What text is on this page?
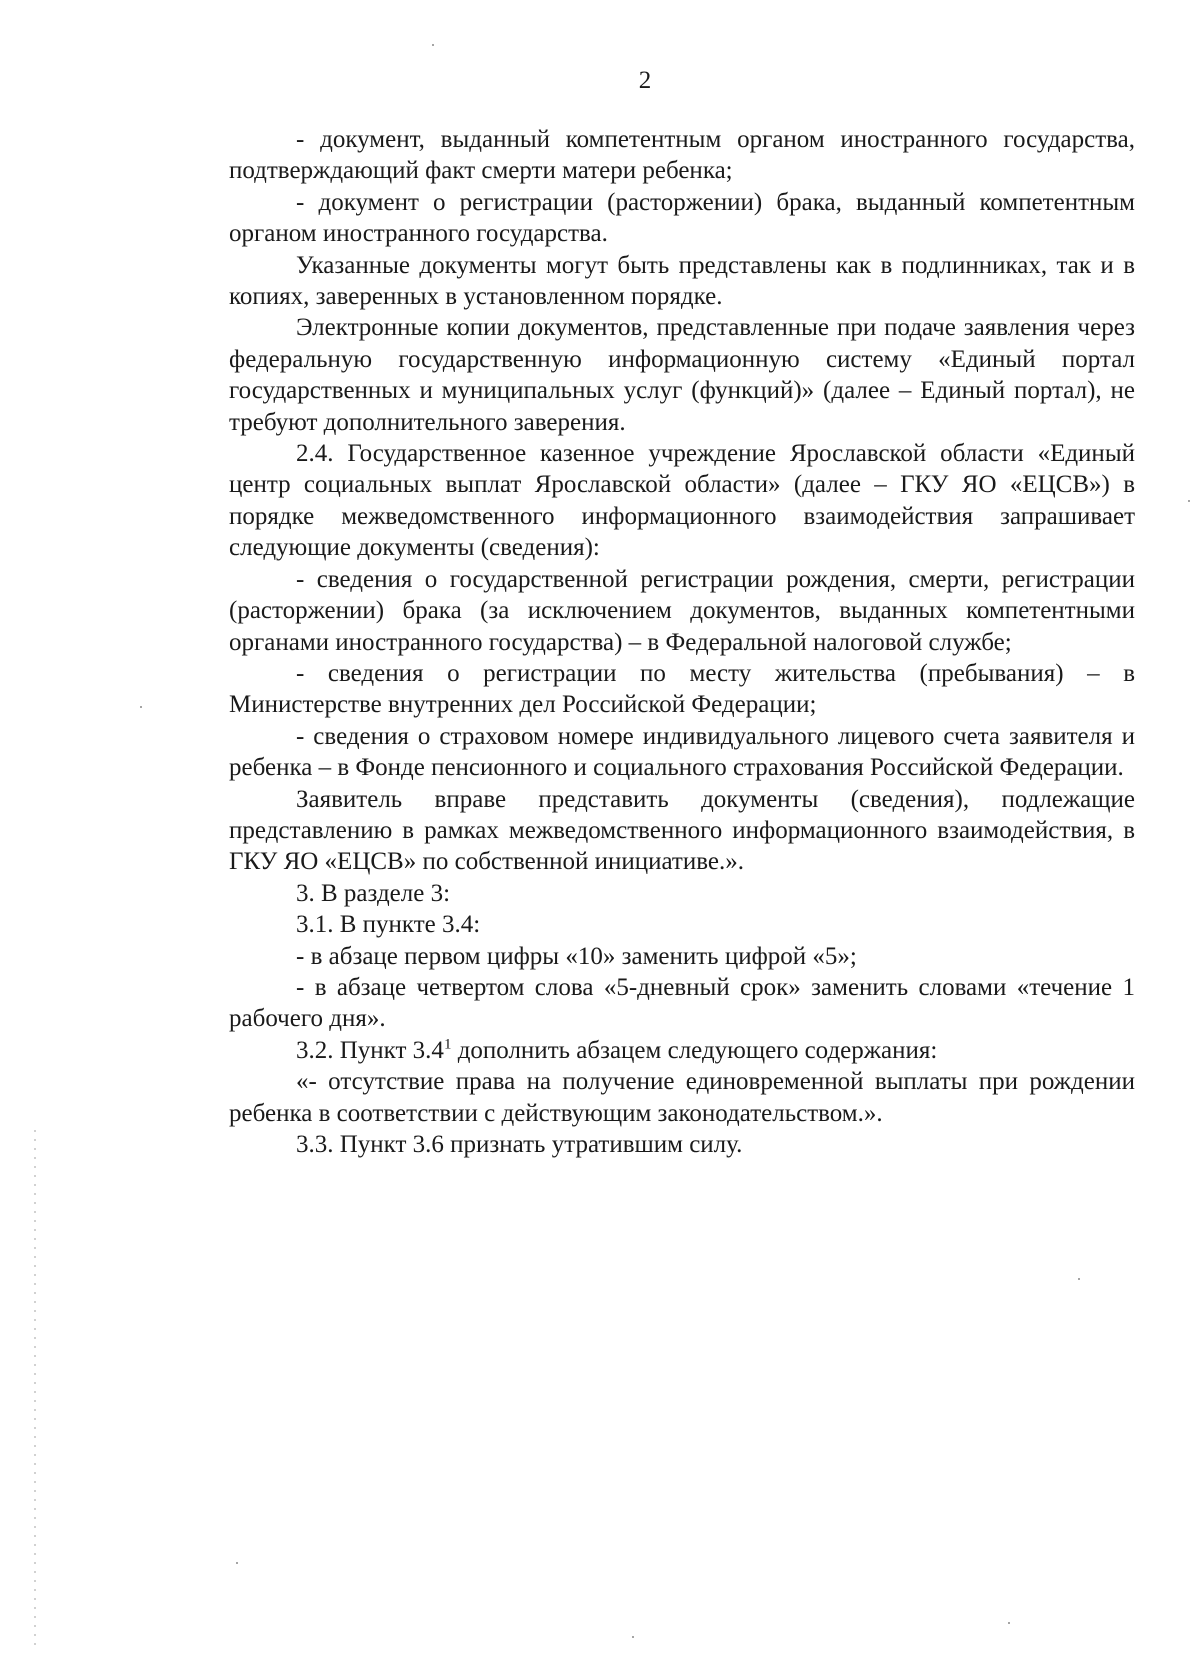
2

- документ, выданный компетентным органом иностранного государства, подтверждающий факт смерти матери ребенка;

- документ о регистрации (расторжении) брака, выданный компетентным органом иностранного государства.

Указанные документы могут быть представлены как в подлинниках, так и в копиях, заверенных в установленном порядке.

Электронные копии документов, представленные при подаче заявления через федеральную государственную информационную систему «Единый портал государственных и муниципальных услуг (функций)» (далее – Единый портал), не требуют дополнительного заверения.

2.4. Государственное казенное учреждение Ярославской области «Единый центр социальных выплат Ярославской области» (далее – ГКУ ЯО «ЕЦСВ») в порядке межведомственного информационного взаимодействия запрашивает следующие документы (сведения):

- сведения о государственной регистрации рождения, смерти, регистрации (расторжении) брака (за исключением документов, выданных компетентными органами иностранного государства) – в Федеральной налоговой службе;

- сведения о регистрации по месту жительства (пребывания) – в Министерстве внутренних дел Российской Федерации;

- сведения о страховом номере индивидуального лицевого счета заявителя и ребенка – в Фонде пенсионного и социального страхования Российской Федерации.

Заявитель вправе представить документы (сведения), подлежащие представлению в рамках межведомственного информационного взаимодействия, в ГКУ ЯО «ЕЦСВ» по собственной инициативе.».

3. В разделе 3:

3.1. В пункте 3.4:

- в абзаце первом цифры «10» заменить цифрой «5»;

- в абзаце четвертом слова «5-дневный срок» заменить словами «течение 1 рабочего дня».

3.2. Пункт $3.4^1$ дополнить абзацем следующего содержания:

«- отсутствие права на получение единовременной выплаты при рождении ребенка в соответствии с действующим законодательством.».

3.3. Пункт 3.6 признать утратившим силу.
